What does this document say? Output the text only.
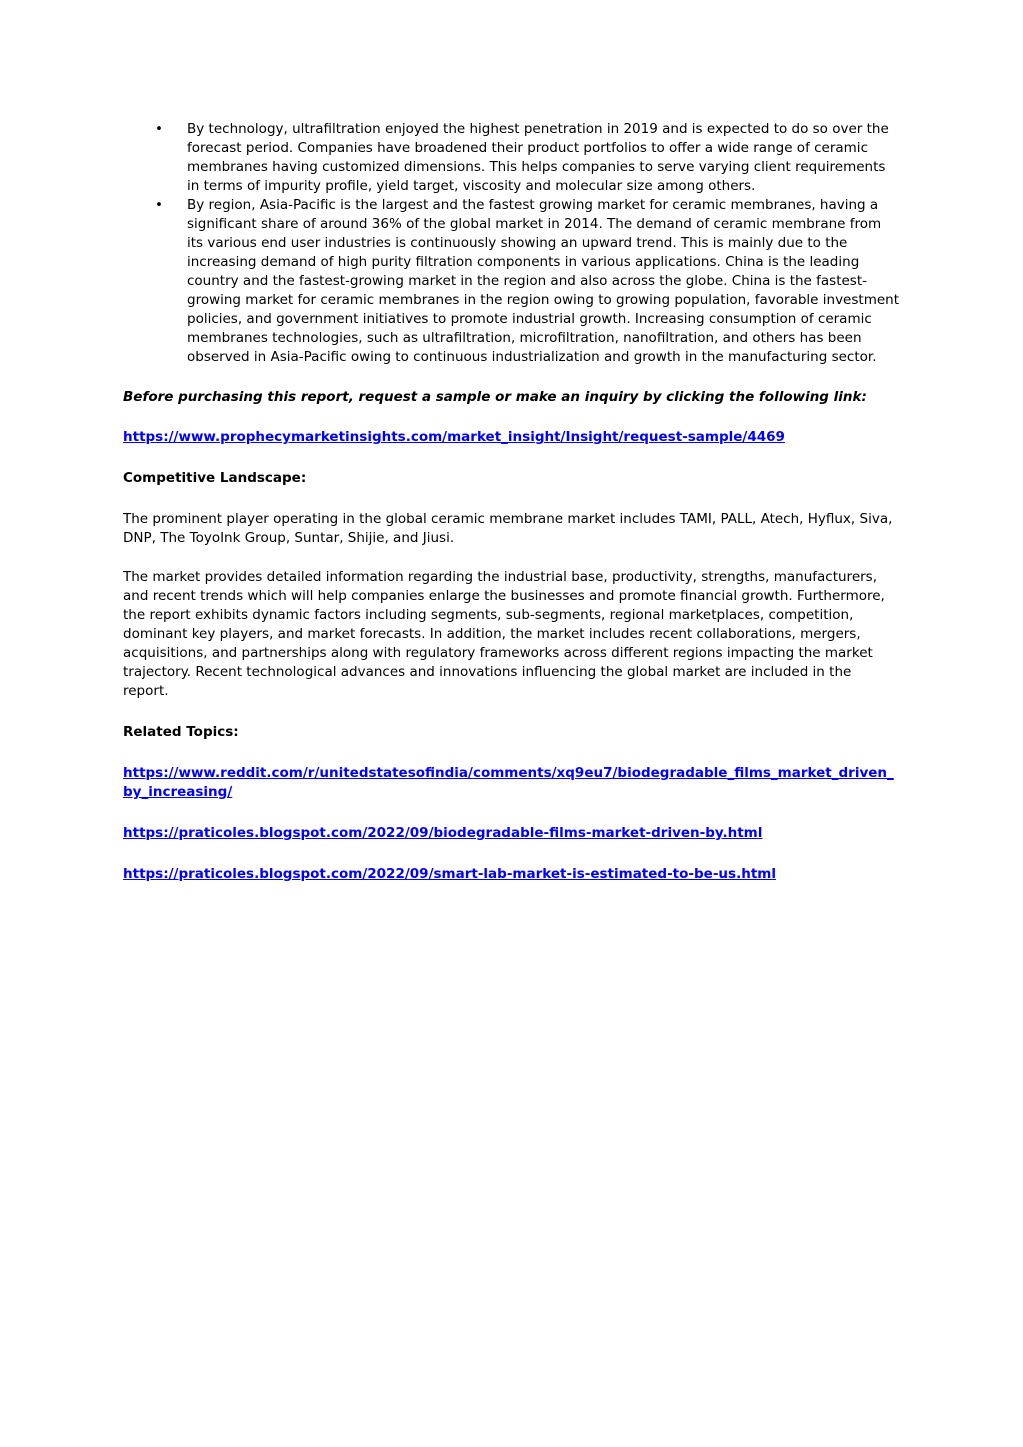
• By technology, ultrafiltration enjoyed the highest penetration in 2019 and is expected to do so over the forecast period. Companies have broadened their product portfolios to offer a wide range of ceramic membranes having customized dimensions. This helps companies to serve varying client requirements in terms of impurity profile, yield target, viscosity and molecular size among others.
• By region, Asia-Pacific is the largest and the fastest growing market for ceramic membranes, having a significant share of around 36% of the global market in 2014. The demand of ceramic membrane from its various end user industries is continuously showing an upward trend. This is mainly due to the increasing demand of high purity filtration components in various applications. China is the leading country and the fastest-growing market in the region and also across the globe. China is the fastest-growing market for ceramic membranes in the region owing to growing population, favorable investment policies, and government initiatives to promote industrial growth. Increasing consumption of ceramic membranes technologies, such as ultrafiltration, microfiltration, nanofiltration, and others has been observed in Asia-Pacific owing to continuous industrialization and growth in the manufacturing sector.

Before purchasing this report, request a sample or make an inquiry by clicking the following link:

https://www.prophecymarketinsights.com/market_insight/Insight/request-sample/4469

Competitive Landscape:

The prominent player operating in the global ceramic membrane market includes TAMI, PALL, Atech, Hyflux, Siva, DNP, The ToyoInk Group, Suntar, Shijie, and Jiusi.

The market provides detailed information regarding the industrial base, productivity, strengths, manufacturers, and recent trends which will help companies enlarge the businesses and promote financial growth. Furthermore, the report exhibits dynamic factors including segments, sub-segments, regional marketplaces, competition, dominant key players, and market forecasts. In addition, the market includes recent collaborations, mergers, acquisitions, and partnerships along with regulatory frameworks across different regions impacting the market trajectory. Recent technological advances and innovations influencing the global market are included in the report.

Related Topics:

https://www.reddit.com/r/unitedstatesofindia/comments/xq9eu7/biodegradable_films_market_driven_by_increasing/

https://praticoles.blogspot.com/2022/09/biodegradable-films-market-driven-by.html

https://praticoles.blogspot.com/2022/09/smart-lab-market-is-estimated-to-be-us.html
